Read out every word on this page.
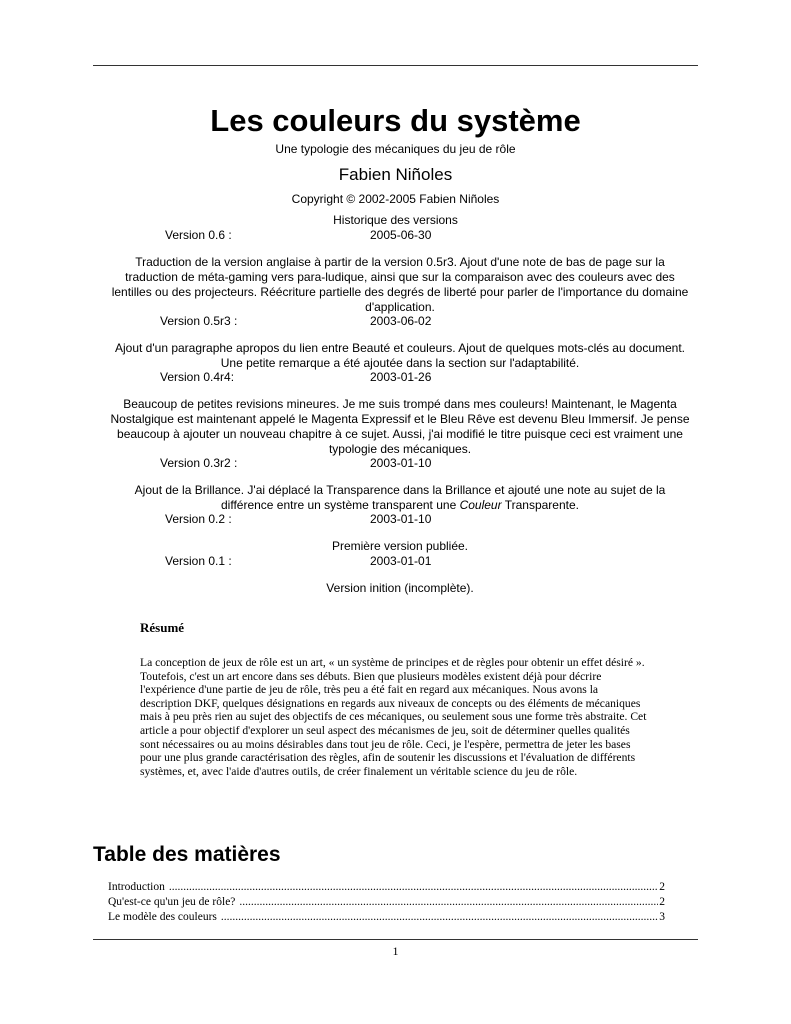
Les couleurs du système
Une typologie des mécaniques du jeu de rôle
Fabien Niñoles
Copyright © 2002-2005 Fabien Niñoles
Historique des versions
Version 0.6 :	2005-06-30
Traduction de la version anglaise à partir de la version 0.5r3. Ajout d'une note de bas de page sur la traduction de méta-gaming vers para-ludique, ainsi que sur la comparaison avec des couleurs avec des lentilles ou des projecteurs. Réécriture partielle des degrés de liberté pour parler de l'importance du domaine d'application.
Version 0.5r3 :	2003-06-02
Ajout d'un paragraphe apropos du lien entre Beauté et couleurs. Ajout de quelques mots-clés au document. Une petite remarque a été ajoutée dans la section sur l'adaptabilité.
Version 0.4r4:	2003-01-26
Beaucoup de petites revisions mineures. Je me suis trompé dans mes couleurs! Maintenant, le Magenta Nostalgique est maintenant appelé le Magenta Expressif et le Bleu Rêve est devenu Bleu Immersif. Je pense beaucoup à ajouter un nouveau chapitre à ce sujet. Aussi, j'ai modifié le titre puisque ceci est vraiment une typologie des mécaniques.
Version 0.3r2 :	2003-01-10
Ajout de la Brillance. J'ai déplacé la Transparence dans la Brillance et ajouté une note au sujet de la différence entre un système transparent une Couleur Transparente.
Version 0.2 :	2003-01-10
Première version publiée.
Version 0.1 :	2003-01-01
Version inition (incomplète).
Résumé
La conception de jeux de rôle est un art, « un système de principes et de règles pour obtenir un effet désiré ». Toutefois, c'est un art encore dans ses débuts. Bien que plusieurs modèles existent déjà pour décrire l'expérience d'une partie de jeu de rôle, très peu a été fait en regard aux mécaniques. Nous avons la description DKF, quelques désignations en regards aux niveaux de concepts ou des éléments de mécaniques mais à peu près rien au sujet des objectifs de ces mécaniques, ou seulement sous une forme très abstraite. Cet article a pour objectif d'explorer un seul aspect des mécanismes de jeu, soit de déterminer quelles qualités sont nécessaires ou au moins désirables dans tout jeu de rôle. Ceci, je l'espère, permettra de jeter les bases pour une plus grande caractérisation des règles, afin de soutenir les discussions et l'évaluation de différents systèmes, et, avec l'aide d'autres outils, de créer finalement un véritable science du jeu de rôle.
Table des matières
Introduction .....	2
Qu'est-ce qu'un jeu de rôle? .....	2
Le modèle des couleurs .....	3
1
